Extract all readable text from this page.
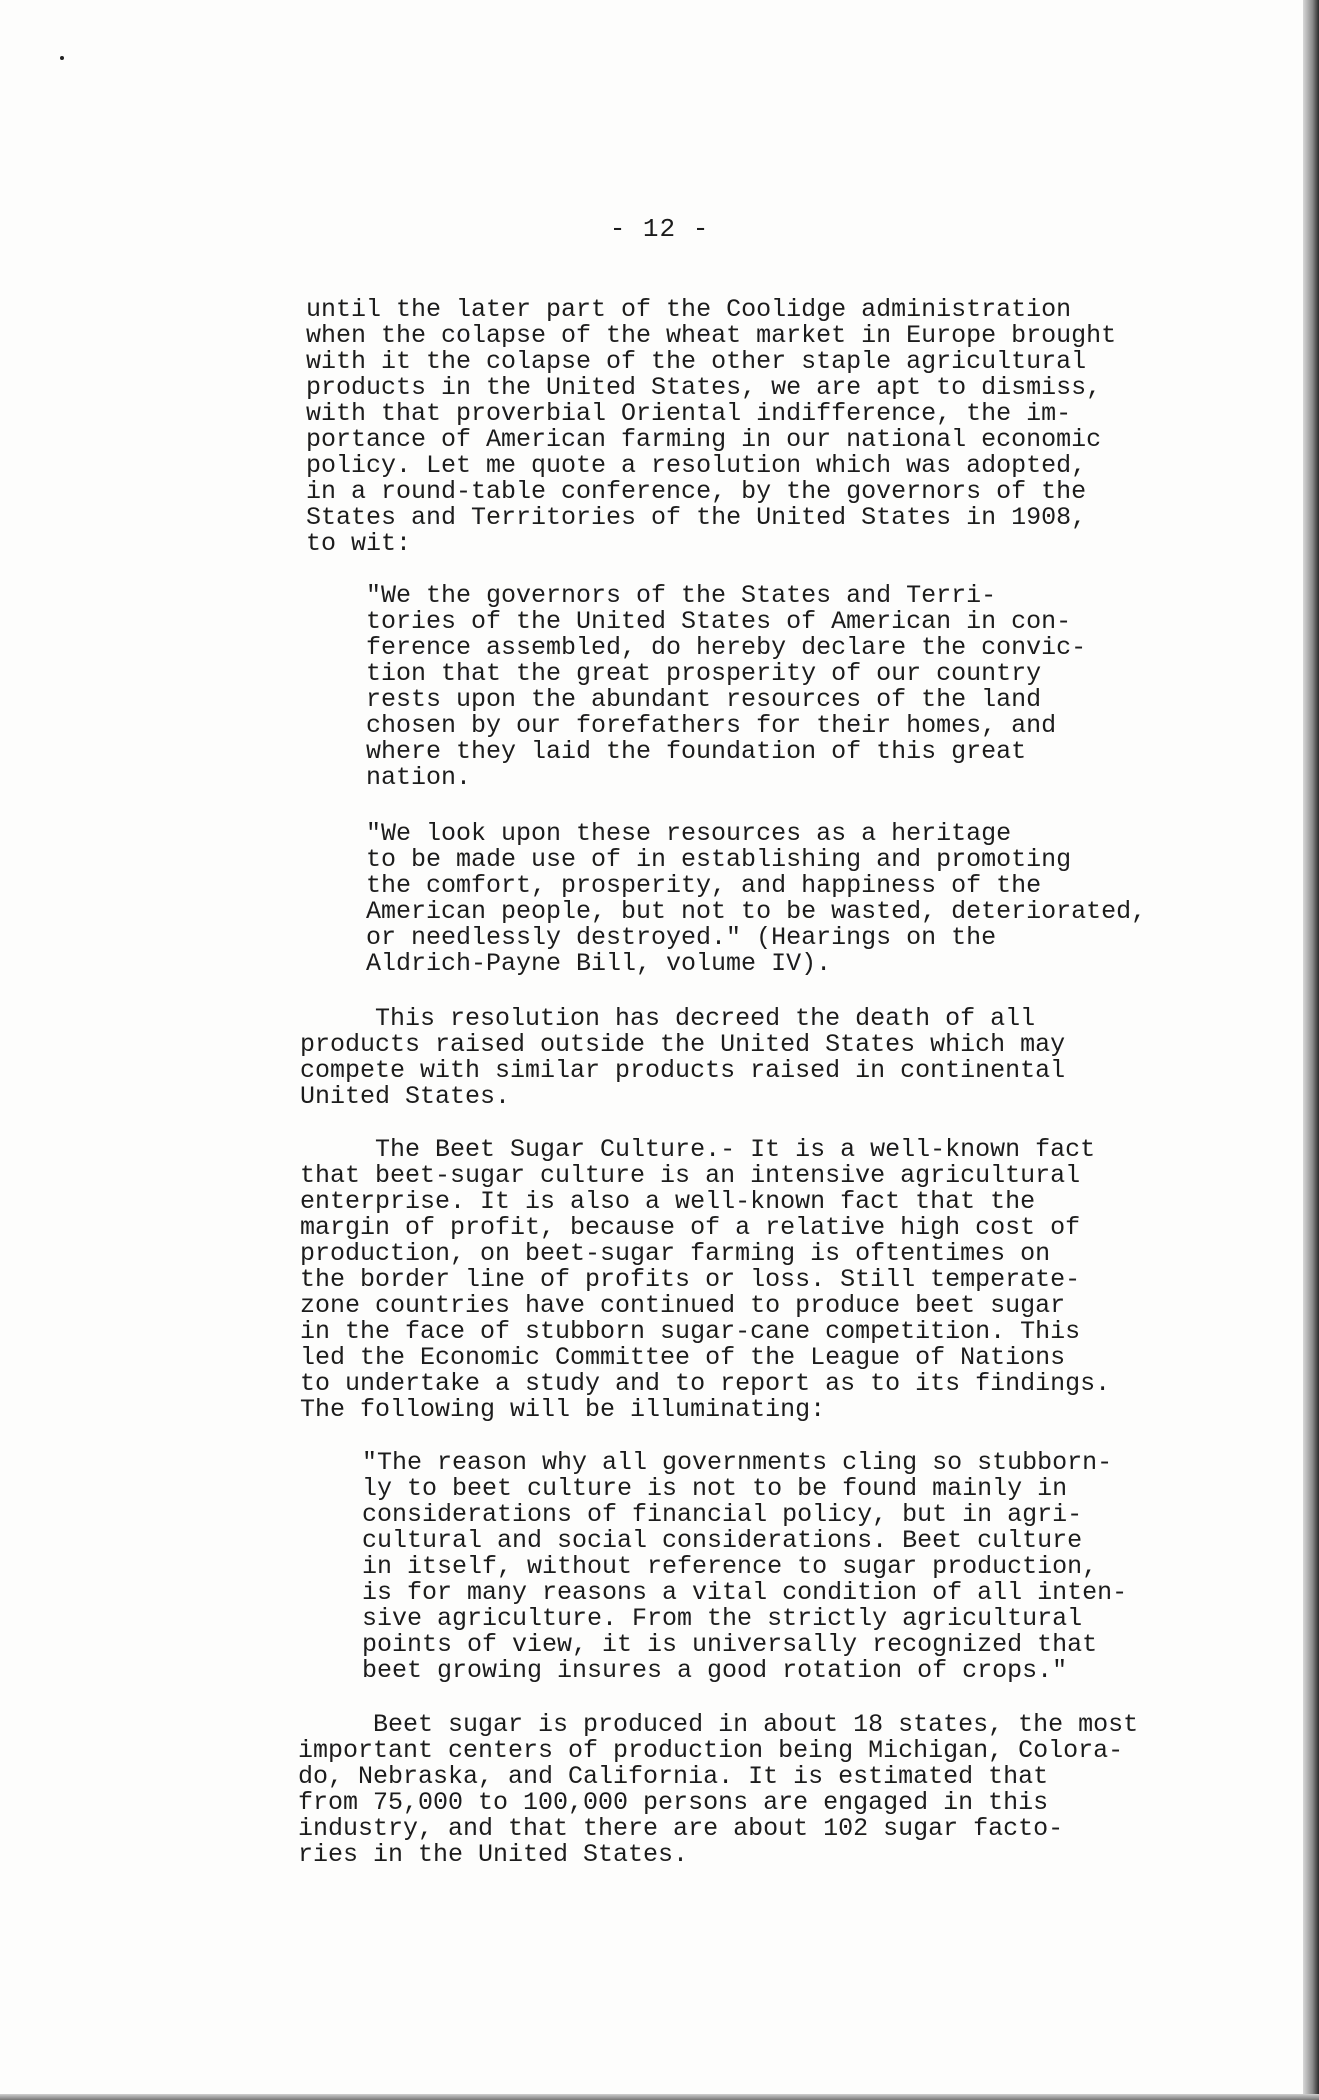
- 12 -

until the later part of the Coolidge administration
when the colapse of the wheat market in Europe brought
with it the colapse of the other staple agricultural
products in the United States, we are apt to dismiss,
with that proverbial Oriental indifference, the im-
portance of American farming in our national economic
policy. Let me quote a resolution which was adopted,
in a round-table conference, by the governors of the
States and Territories of the United States in 1908,
to wit:

"We the governors of the States and Terri-
tories of the United States of American in con-
ference assembled, do hereby declare the convic-
tion that the great prosperity of our country
rests upon the abundant resources of the land
chosen by our forefathers for their homes, and
where they laid the foundation of this great
nation.

"We look upon these resources as a heritage
to be made use of in establishing and promoting
the comfort, prosperity, and happiness of the
American people, but not to be wasted, deteriorated,
or needlessly destroyed." (Hearings on the
Aldrich-Payne Bill, volume IV).

This resolution has decreed the death of all
products raised outside the United States which may
compete with similar products raised in continental
United States.

The Beet Sugar Culture.- It is a well-known fact
that beet-sugar culture is an intensive agricultural
enterprise. It is also a well-known fact that the
margin of profit, because of a relative high cost of
production, on beet-sugar farming is oftentimes on
the border line of profits or loss. Still temperate-
zone countries have continued to produce beet sugar
in the face of stubborn sugar-cane competition. This
led the Economic Committee of the League of Nations
to undertake a study and to report as to its findings.
The following will be illuminating:

"The reason why all governments cling so stubborn-
ly to beet culture is not to be found mainly in
considerations of financial policy, but in agri-
cultural and social considerations. Beet culture
in itself, without reference to sugar production,
is for many reasons a vital condition of all inten-
sive agriculture. From the strictly agricultural
points of view, it is universally recognized that
beet growing insures a good rotation of crops."

Beet sugar is produced in about 18 states, the most
important centers of production being Michigan, Colora-
do, Nebraska, and California. It is estimated that
from 75,000 to 100,000 persons are engaged in this
industry, and that there are about 102 sugar facto-
ries in the United States.
